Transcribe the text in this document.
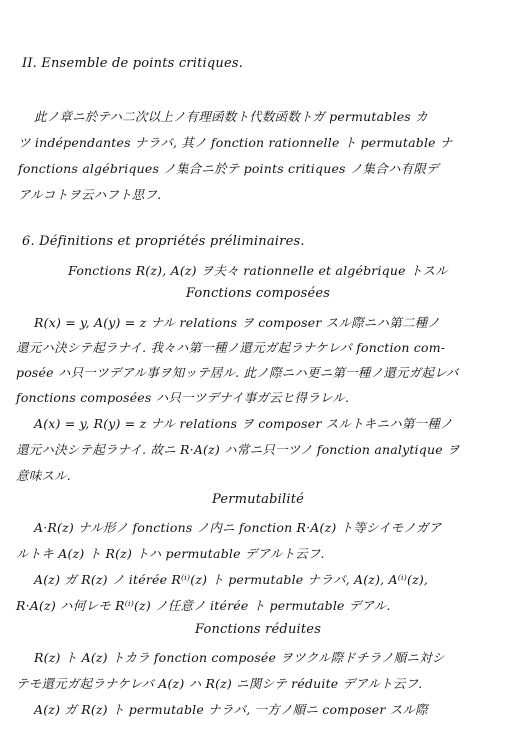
II. Ensemble de points critiques.
此ノ章ニ於テハ二次以上ノ有理函数ト代数函数トガ permutables カ
ツ indépendantes ナラバ, 其ノ fonction rationnelle ト permutable ナ
fonctions algébriques ノ集合ニ於テ points critiques ノ集合ハ有限デ
アルコトヲ云ハフト思フ.
6. Définitions et propriétés préliminaires.
Fonctions R(z), A(z) ヲ夫々 rationnelle et algébrique トスル
Fonctions composées
R(x) = y, A(y) = z ナル relations ヲ composer スル際ニハ第二種ノ
還元ハ決シテ起ラナイ. 我々ハ第一種ノ還元ガ起ラナケレバ fonction com-
posée ハ只一ツデアル事ヲ知ッテ居ル. 此ノ際ニハ更ニ第一種ノ還元ガ起レバ
fonctions composées ハ只一ツデナイ事ガ云ヒ得ラレル.
A(x) = y, R(y) = z ナル relations ヲ composer スルトキニハ第一種ノ
還元ハ決シテ起ラナイ. 故ニ R·A(z) ハ常ニ只一ツノ fonction analytique ヲ
意味スル.
Permutabilité
A·R(z) ナル形ノ fonctions ノ内ニ fonction R·A(z) ト等シイモノガア
ルトキ A(z) ト R(z) トハ permutable デアルト云フ.
A(z) ガ R(z) ノ itérée R⁽ⁱ⁾(z) ト permutable ナラバ, A(z), A⁽ⁱ⁾(z),
R·A(z) ハ何レモ R⁽ⁱ⁾(z) ノ任意ノ itérée ト permutable デアル.
Fonctions réduites
R(z) ト A(z) トカラ fonction composée ヲツクル際ドチラノ順ニ対シ
テモ還元ガ起ラナケレバ A(z) ハ R(z) ニ関シテ réduite デアルト云フ.
A(z) ガ R(z) ト permutable ナラバ, 一方ノ順ニ composer スル際
